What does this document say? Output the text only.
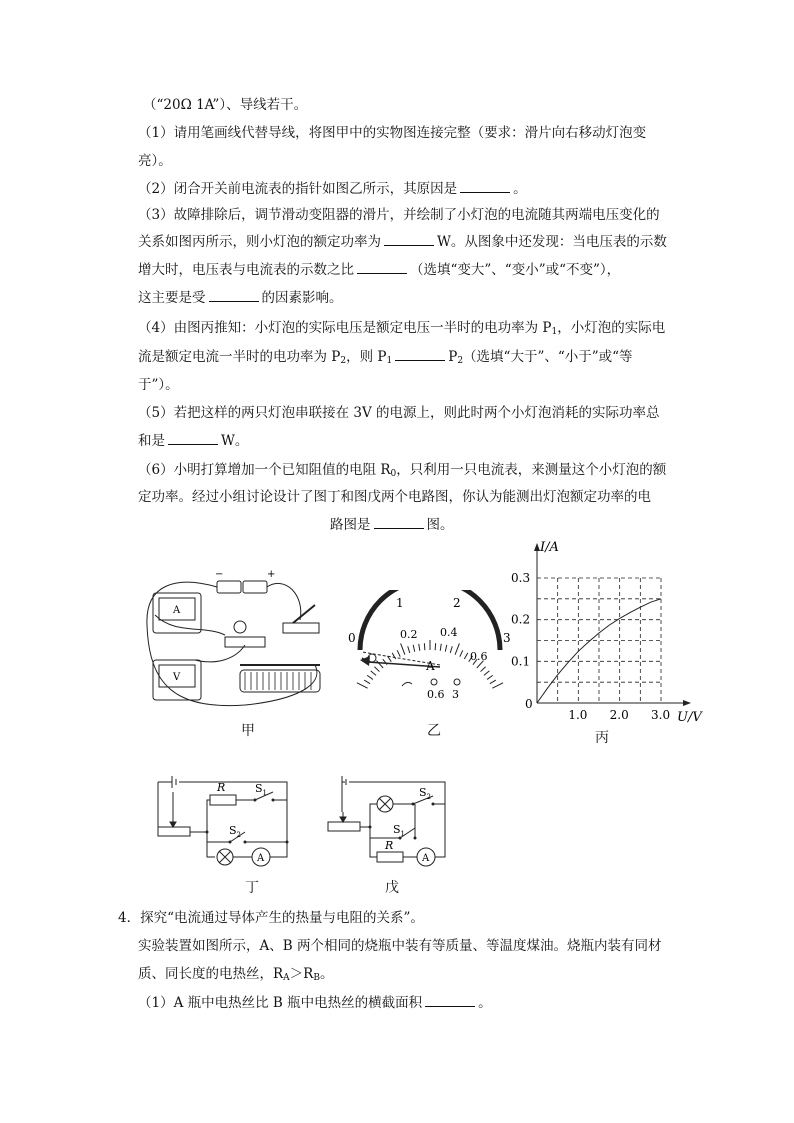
（“20Ω 1A”）、导线若干。
（1）请用笔画线代替导线，将图甲中的实物图连接完整（要求：滑片向右移动灯泡变
亮）。
（2）闭合开关前电流表的指针如图乙所示，其原因是	。
（3）故障排除后，调节滑动变阻器的滑片，并绘制了小灯泡的电流随其两端电压变化的
关系如图丙所示，则小灯泡的额定功率为	W。从图象中还发现：当电压表的示数
增大时，电压表与电流表的示数之比	（选填“变大”、“变小”或“不变”），
这主要是受	的因素影响。
（4）由图丙推知：小灯泡的实际电压是额定电压一半时的电功率为 $P_1$，小灯泡的实际电
流是额定电流一半时的电功率为 $P_2$，则 $P_1$	$P_2$（选填“大于”、“小于”或“等
于”）。
（5）若把这样的两只灯泡串联接在 3V 的电源上，则此时两个小灯泡消耗的实际功率总
和是	W。
（6）小明打算增加一个已知阻值的电阻 $R_0$，只利用一只电流表，来测量这个小灯泡的额
定功率。经过小组讨论设计了图丁和图戊两个电路图，你认为能测出灯泡额定功率的电
路图是	图。
A
V
−	+
甲
0
1	2
3
0.2 0.4
0.6
A
0.6 3
乙
1.0 2.0 3.0
0.1
0.2
0.3
I/A
U/V
0
丙
R	$S_1$
$S_2$
A
丁
$S_2$
$S_1$
R
A
戊
4．探究“电流通过导体产生的热量与电阻的关系”。
实验装置如图所示，A、B 两个相同的烧瓶中装有等质量、等温度煤油。烧瓶内装有同材
质、同长度的电热丝，$R_A>R_B$。
（1）A 瓶中电热丝比 B 瓶中电热丝的横截面积	。
